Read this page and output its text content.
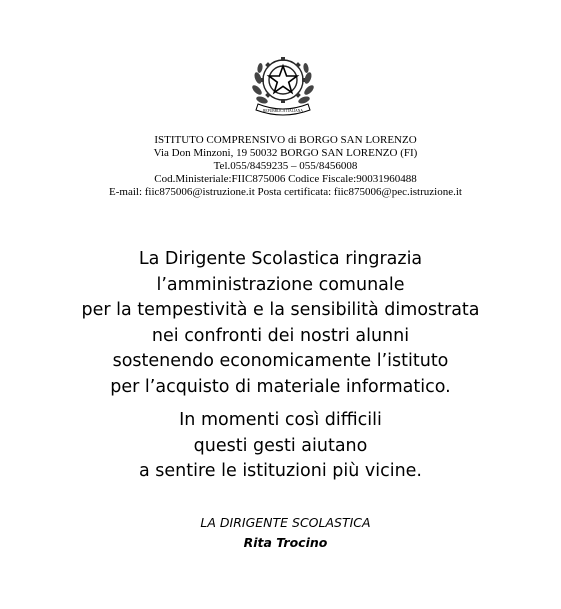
REPUBBLICA ITALIANA
ISTITUTO COMPRENSIVO di BORGO SAN LORENZO
Via Don Minzoni, 19 50032 BORGO SAN LORENZO (FI)
Tel.055/8459235 – 055/8456008
Cod.Ministeriale:FIIC875006 Codice Fiscale:90031960488
E-mail: fiic875006@istruzione.it Posta certificata: fiic875006@pec.istruzione.it
La Dirigente Scolastica ringrazia
l’amministrazione comunale
per la tempestività e la sensibilità dimostrata
nei confronti dei nostri alunni
sostenendo economicamente l’istituto
per l’acquisto di materiale informatico.
In momenti così difficili
questi gesti aiutano
a sentire le istituzioni più vicine.
LA DIRIGENTE SCOLASTICA
Rita Trocino
